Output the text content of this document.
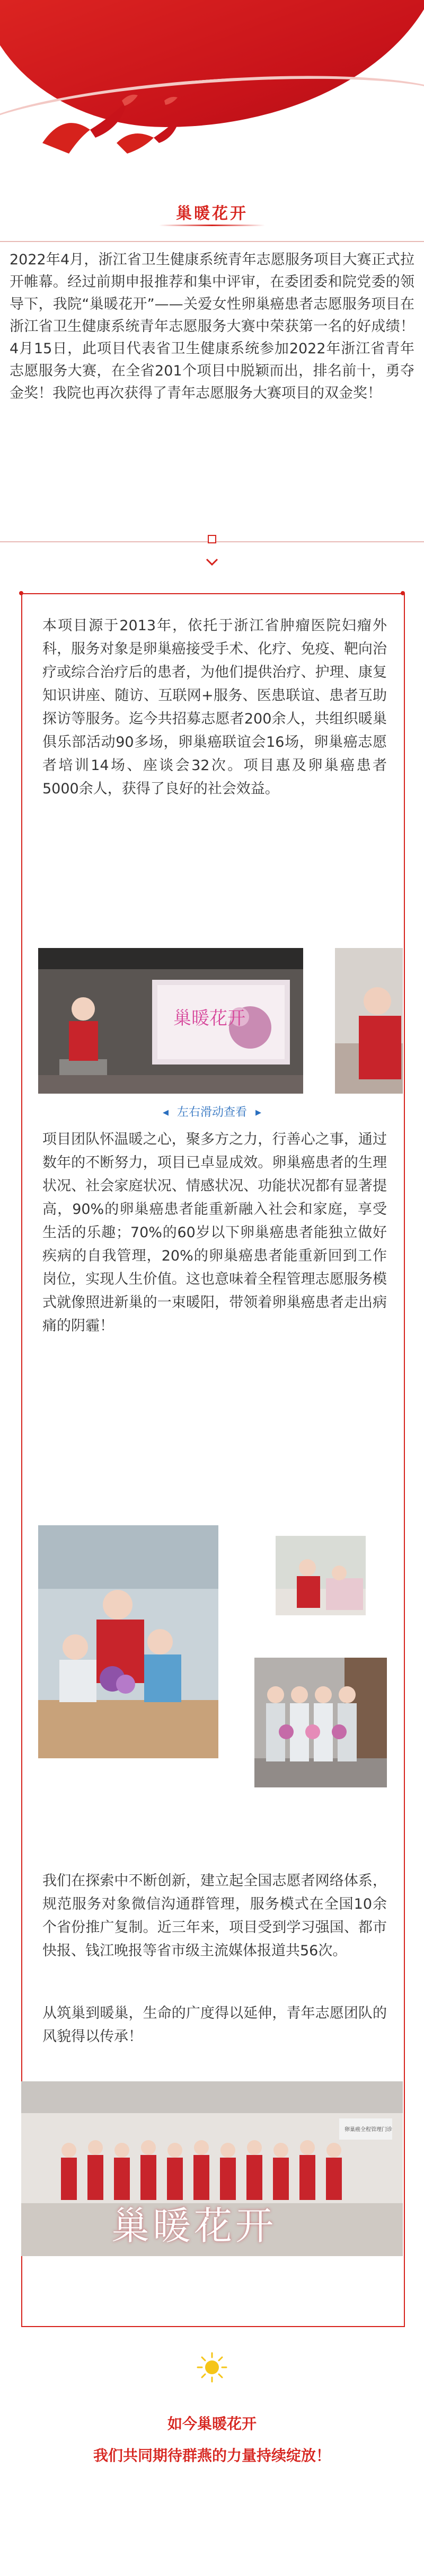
巢暖花开
2022年4月，浙江省卫生健康系统青年志愿服务项目大赛正式拉开帷幕。经过前期申报推荐和集中评审，在委团委和院党委的领导下，我院“巢暖花开”——关爱女性卵巢癌患者志愿服务项目在浙江省卫生健康系统青年志愿服务大赛中荣获第一名的好成绩！4月15日，此项目代表省卫生健康系统参加2022年浙江省青年志愿服务大赛，在全省201个项目中脱颖而出，排名前十，勇夺金奖！我院也再次获得了青年志愿服务大赛项目的双金奖！
本项目源于2013年，依托于浙江省肿瘤医院妇瘤外科，服务对象是卵巢癌接受手术、化疗、免疫、靶向治疗或综合治疗后的患者，为他们提供治疗、护理、康复知识讲座、随访、互联网+服务、医患联谊、患者互助探访等服务。迄今共招募志愿者200余人，共组织暖巢俱乐部活动90多场，卵巢癌联谊会16场，卵巢癌志愿者培训14场、座谈会32次。项目惠及卵巢癌患者5000余人，获得了良好的社会效益。
巢暖花开
◂ 左右滑动查看 ▸
项目团队怀温暖之心，聚多方之力，行善心之事，通过数年的不断努力，项目已卓显成效。卵巢癌患者的生理状况、社会家庭状况、情感状况、功能状况都有显著提高，90%的卵巢癌患者能重新融入社会和家庭，享受生活的乐趣；70%的60岁以下卵巢癌患者能独立做好疾病的自我管理，20%的卵巢癌患者能重新回到工作岗位，实现人生价值。这也意味着全程管理志愿服务模式就像照进新巢的一束暖阳，带领着卵巢癌患者走出病痛的阴霾！
我们在探索中不断创新，建立起全国志愿者网络体系，规范服务对象微信沟通群管理，服务模式在全国10余个省份推广复制。近三年来，项目受到学习强国、都市快报、钱江晚报等省市级主流媒体报道共56次。
从筑巢到暖巢，生命的广度得以延伸，青年志愿团队的风貌得以传承！
巢暖花开
卵巢癌全程管理门诊
如今巢暖花开
我们共同期待群燕的力量持续绽放！
